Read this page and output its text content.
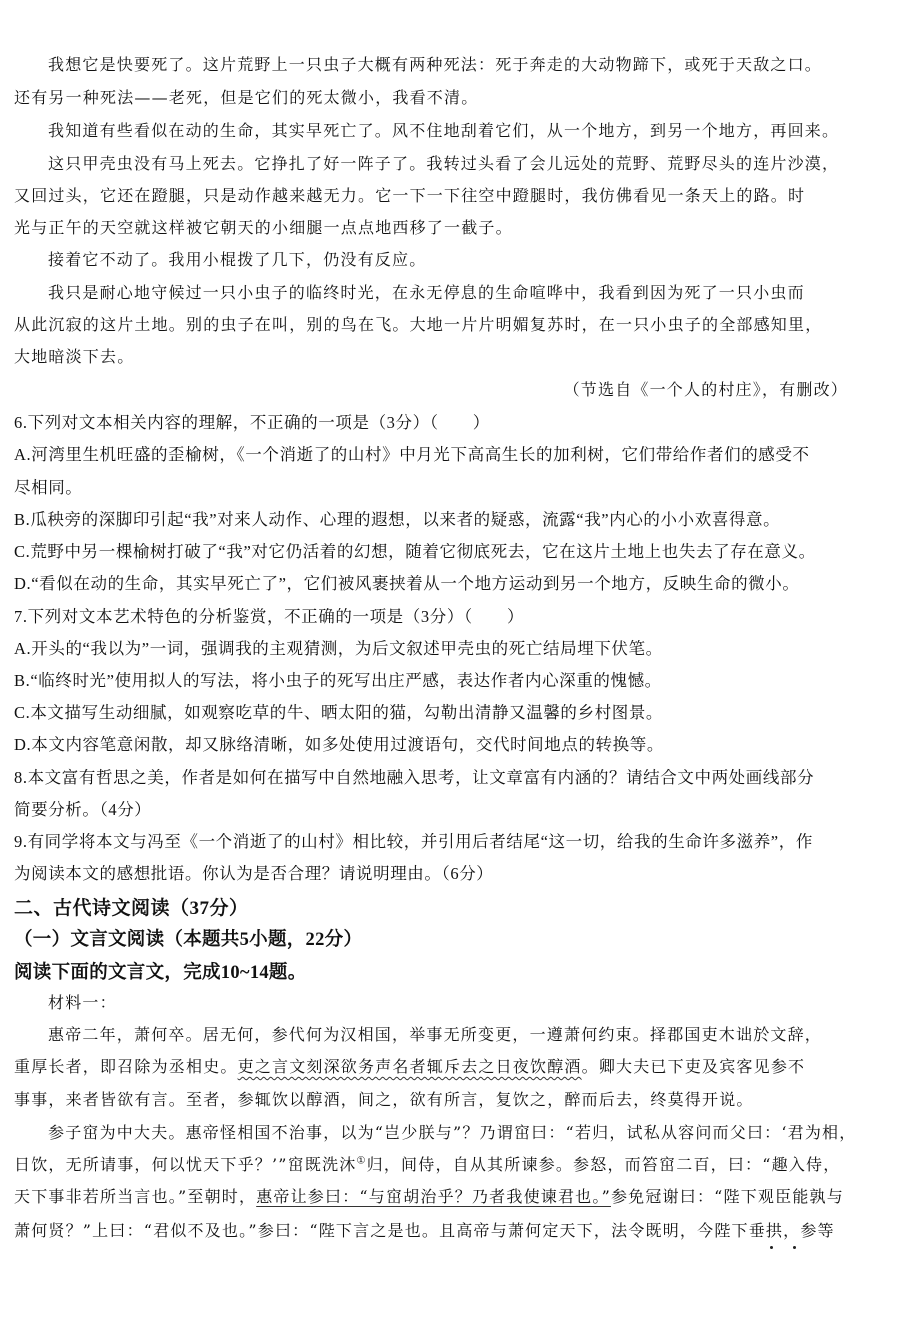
我想它是快要死了。这片荒野上一只虫子大概有两种死法：死于奔走的大动物蹄下，或死于天敌之口。
还有另一种死法——老死，但是它们的死太微小，我看不清。
我知道有些看似在动的生命，其实早死亡了。风不住地刮着它们，从一个地方，到另一个地方，再回来。
这只甲壳虫没有马上死去。它挣扎了好一阵子了。我转过头看了会儿远处的荒野、荒野尽头的连片沙漠，
又回过头，它还在蹬腿，只是动作越来越无力。它一下一下往空中蹬腿时，我仿佛看见一条天上的路。时
光与正午的天空就这样被它朝天的小细腿一点点地西移了一截子。
接着它不动了。我用小棍拨了几下，仍没有反应。
我只是耐心地守候过一只小虫子的临终时光，在永无停息的生命喧哗中，我看到因为死了一只小虫而
从此沉寂的这片土地。别的虫子在叫，别的鸟在飞。大地一片片明媚复苏时，在一只小虫子的全部感知里，
大地暗淡下去。
（节选自《一个人的村庄》，有删改）
6.下列对文本相关内容的理解，不正确的一项是（3分）（　　）
A.河湾里生机旺盛的歪榆树，《一个消逝了的山村》中月光下高高生长的加利树，它们带给作者们的感受不
尽相同。
B.瓜秧旁的深脚印引起“我”对来人动作、心理的遐想，以来者的疑惑，流露“我”内心的小小欢喜得意。
C.荒野中另一棵榆树打破了“我”对它仍活着的幻想，随着它彻底死去，它在这片土地上也失去了存在意义。
D.“看似在动的生命，其实早死亡了”，它们被风裹挟着从一个地方运动到另一个地方，反映生命的微小。
7.下列对文本艺术特色的分析鉴赏，不正确的一项是（3分）（　　）
A.开头的“我以为”一词，强调我的主观猜测，为后文叙述甲壳虫的死亡结局埋下伏笔。
B.“临终时光”使用拟人的写法，将小虫子的死写出庄严感，表达作者内心深重的愧憾。
C.本文描写生动细腻，如观察吃草的牛、晒太阳的猫，勾勒出清静又温馨的乡村图景。
D.本文内容笔意闲散，却又脉络清晰，如多处使用过渡语句，交代时间地点的转换等。
8.本文富有哲思之美，作者是如何在描写中自然地融入思考，让文章富有内涵的？请结合文中两处画线部分
简要分析。（4分）
9.有同学将本文与冯至《一个消逝了的山村》相比较，并引用后者结尾“这一切，给我的生命许多滋养”，作
为阅读本文的感想批语。你认为是否合理？请说明理由。（6分）
二、古代诗文阅读（37分）
（一）文言文阅读（本题共5小题，22分）
阅读下面的文言文，完成10~14题。
材料一：
惠帝二年，萧何卒。居无何，参代何为汉相国，举事无所变更，一遵萧何约束。择郡国吏木诎於文辞，
重厚长者，即召除为丞相史。吏之言文刻深欲务声名者辄斥去之日夜饮醇酒。卿大夫已下吏及宾客见参不
事事，来者皆欲有言。至者，参辄饮以醇酒，间之，欲有所言，复饮之，醉而后去，终莫得开说。
参子窋为中大夫。惠帝怪相国不治事，以为“岂少朕与”？乃谓窋曰：“若归，试私从容问而父曰：‘君为相，
日饮，无所请事，何以忧天下乎？’”窋既洗沐①归，间侍，自从其所谏参。参怒，而笞窋二百，曰：“趣入侍，
天下事非若所当言也。”至朝时，惠帝让参曰：“与窋胡治乎？乃者我使谏君也。”参免冠谢曰：“陛下观臣能孰与
萧何贤？”上曰：“君似不及也。”参曰：“陛下言之是也。且高帝与萧何定天下，法令既明，今陛下垂拱，参等
